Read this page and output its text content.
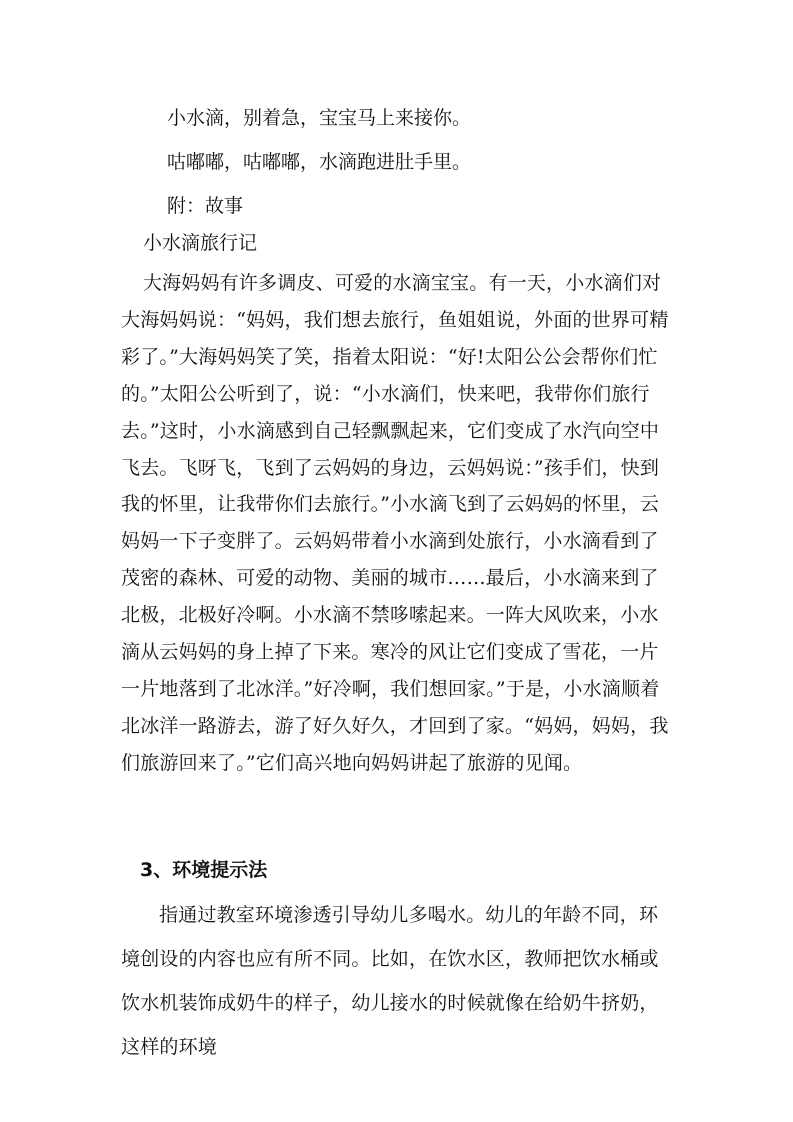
小水滴，别着急，宝宝马上来接你。
咕嘟嘟，咕嘟嘟，水滴跑进肚手里。
附：故事
小水滴旅行记
大海妈妈有许多调皮、可爱的水滴宝宝。有一天，小水滴们对大海妈妈说：“妈妈，我们想去旅行，鱼姐姐说，外面的世界可精彩了。”大海妈妈笑了笑，指着太阳说：“好!太阳公公会帮你们忙的。”太阳公公听到了，说：“小水滴们，快来吧，我带你们旅行去。”这时，小水滴感到自己轻飘飘起来，它们变成了水汽向空中飞去。飞呀飞，飞到了云妈妈的身边，云妈妈说：”孩手们，快到我的怀里，让我带你们去旅行。”小水滴飞到了云妈妈的怀里，云妈妈一下子变胖了。云妈妈带着小水滴到处旅行，小水滴看到了茂密的森林、可爱的动物、美丽的城市……最后，小水滴来到了北极，北极好冷啊。小水滴不禁哆嗦起来。一阵大风吹来，小水滴从云妈妈的身上掉了下来。寒冷的风让它们变成了雪花，一片一片地落到了北冰洋。”好冷啊，我们想回家。”于是，小水滴顺着北冰洋一路游去，游了好久好久，才回到了家。“妈妈，妈妈，我们旅游回来了。”它们高兴地向妈妈讲起了旅游的见闻。
3、环境提示法
指通过教室环境渗透引导幼儿多喝水。幼儿的年龄不同，环境创设的内容也应有所不同。比如，在饮水区，教师把饮水桶或饮水机装饰成奶牛的样子，幼儿接水的时候就像在给奶牛挤奶，这样的环境
